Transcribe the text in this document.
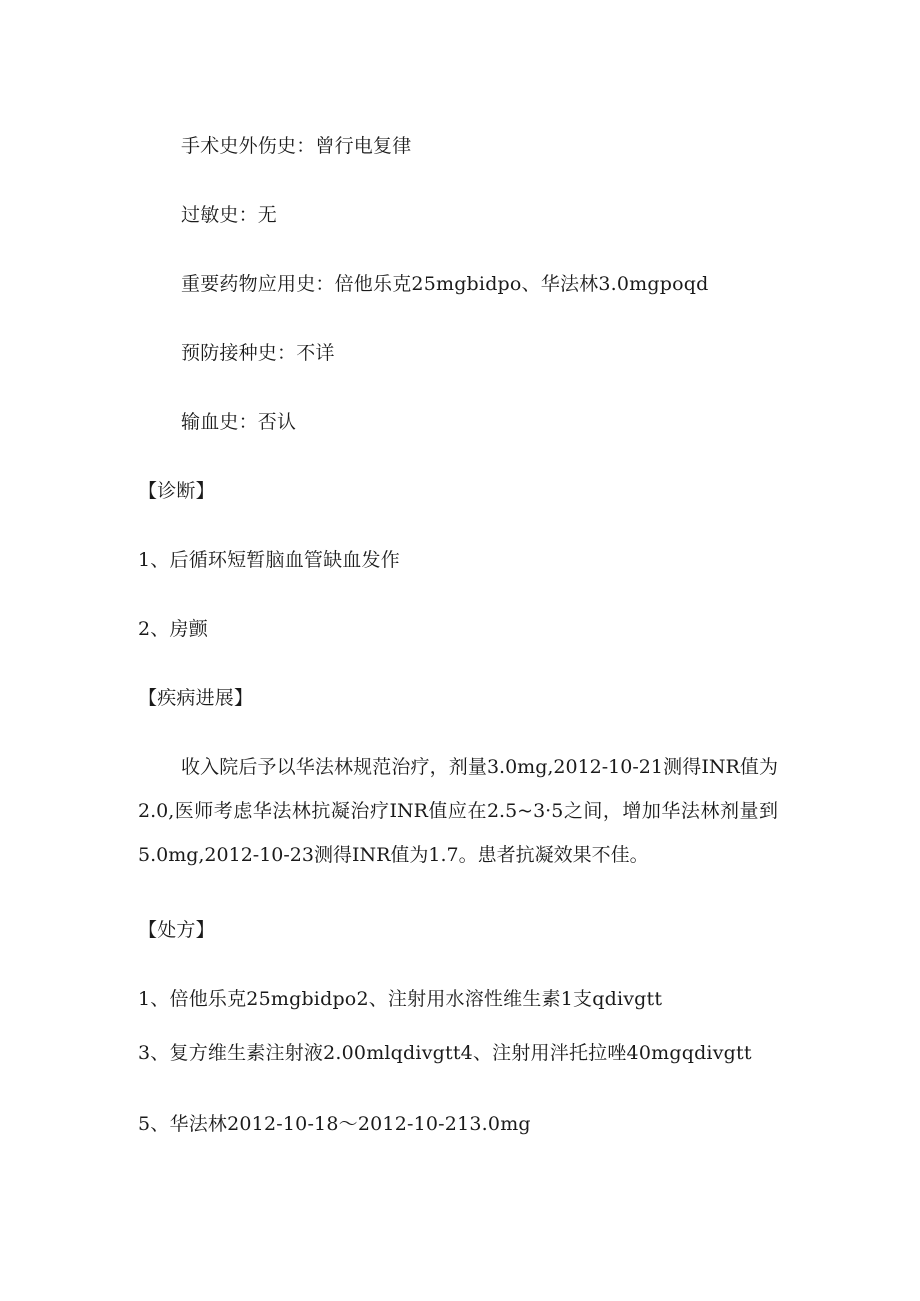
手术史外伤史：曾行电复律
过敏史：无
重要药物应用史：倍他乐克25mgbidpo、华法林3.0mgpoqd
预防接种史：不详
输血史：否认
【诊断】
1、后循环短暂脑血管缺血发作
2、房颤
【疾病进展】
收入院后予以华法林规范治疗，剂量3.0mg,2012-10-21测得INR值为2.0,医师考虑华法林抗凝治疗INR值应在2.5~3·5之间，增加华法林剂量到5.0mg,2012-10-23测得INR值为1.7。患者抗凝效果不佳。
【处方】
1、倍他乐克25mgbidpo2、注射用水溶性维生素1支qdivgtt
3、复方维生素注射液2.00mlqdivgtt4、注射用泮托拉唑40mgqdivgtt
5、华法林2012-10-18～2012-10-213.0mg
